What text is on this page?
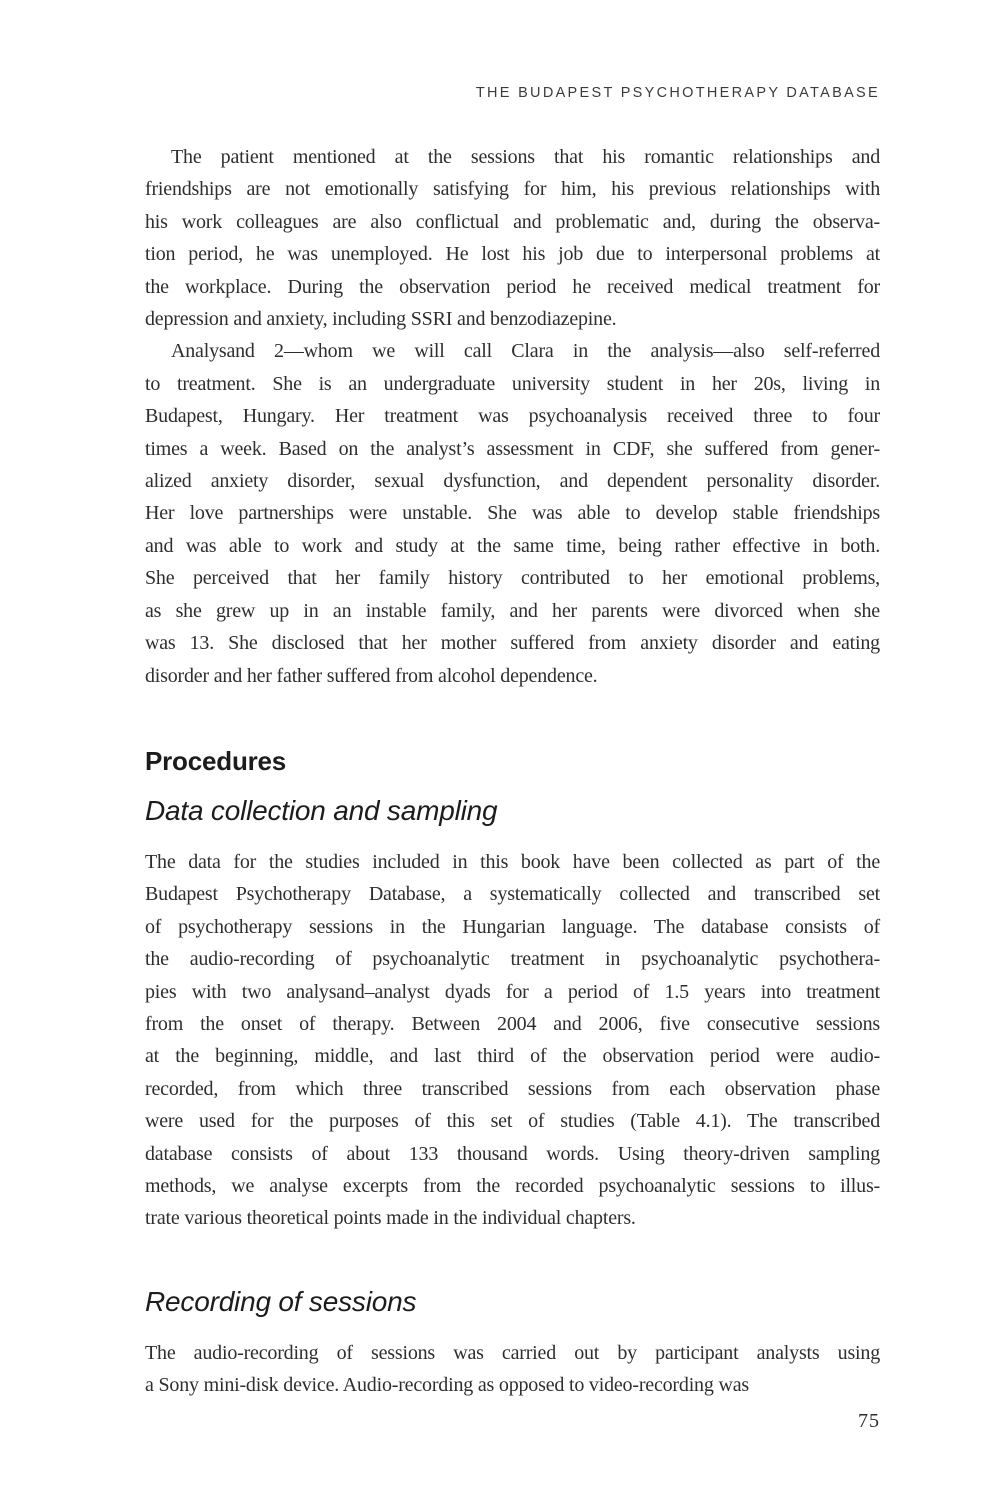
THE BUDAPEST PSYCHOTHERAPY DATABASE
The patient mentioned at the sessions that his romantic relationships and
friendships are not emotionally satisfying for him, his previous relationships with
his work colleagues are also conflictual and problematic and, during the observa-
tion period, he was unemployed. He lost his job due to interpersonal problems at
the workplace. During the observation period he received medical treatment for
depression and anxiety, including SSRI and benzodiazepine.
Analysand 2—whom we will call Clara in the analysis—also self-referred
to treatment. She is an undergraduate university student in her 20s, living in
Budapest, Hungary. Her treatment was psychoanalysis received three to four
times a week. Based on the analyst’s assessment in CDF, she suffered from gener-
alized anxiety disorder, sexual dysfunction, and dependent personality disorder.
Her love partnerships were unstable. She was able to develop stable friendships
and was able to work and study at the same time, being rather effective in both.
She perceived that her family history contributed to her emotional problems,
as she grew up in an instable family, and her parents were divorced when she
was 13. She disclosed that her mother suffered from anxiety disorder and eating
disorder and her father suffered from alcohol dependence.
Procedures
Data collection and sampling
The data for the studies included in this book have been collected as part of the
Budapest Psychotherapy Database, a systematically collected and transcribed set
of psychotherapy sessions in the Hungarian language. The database consists of
the audio-recording of psychoanalytic treatment in psychoanalytic psychothera-
pies with two analysand–analyst dyads for a period of 1.5 years into treatment
from the onset of therapy. Between 2004 and 2006, five consecutive sessions
at the beginning, middle, and last third of the observation period were audio-
recorded, from which three transcribed sessions from each observation phase
were used for the purposes of this set of studies (Table 4.1). The transcribed
database consists of about 133 thousand words. Using theory-driven sampling
methods, we analyse excerpts from the recorded psychoanalytic sessions to illus-
trate various theoretical points made in the individual chapters.
Recording of sessions
The audio-recording of sessions was carried out by participant analysts using
a Sony mini-disk device. Audio-recording as opposed to video-recording was
75
